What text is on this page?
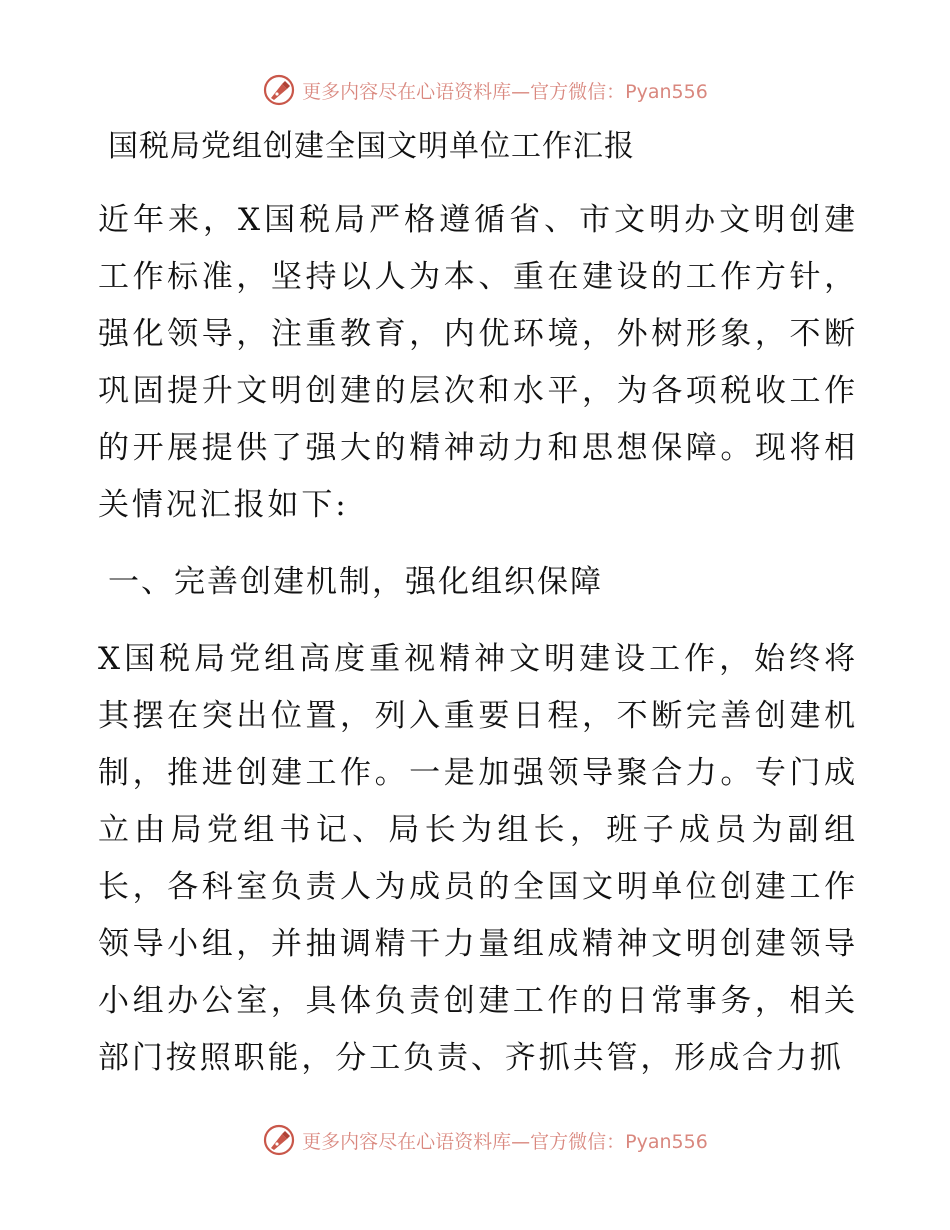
更多内容尽在心语资料库—官方微信：Pyan556
国税局党组创建全国文明单位工作汇报

近年来，X国税局严格遵循省、市文明办文明创建工作标准，坚持以人为本、重在建设的工作方针，强化领导，注重教育，内优环境，外树形象，不断巩固提升文明创建的层次和水平，为各项税收工作的开展提供了强大的精神动力和思想保障。现将相关情况汇报如下:

一、完善创建机制，强化组织保障

X国税局党组高度重视精神文明建设工作，始终将其摆在突出位置，列入重要日程，不断完善创建机制，推进创建工作。一是加强领导聚合力。专门成立由局党组书记、局长为组长，班子成员为副组长，各科室负责人为成员的全国文明单位创建工作领导小组，并抽调精干力量组成精神文明创建领导小组办公室，具体负责创建工作的日常事务，相关部门按照职能，分工负责、齐抓共管，形成合力抓

更多内容尽在心语资料库—官方微信：Pyan556
